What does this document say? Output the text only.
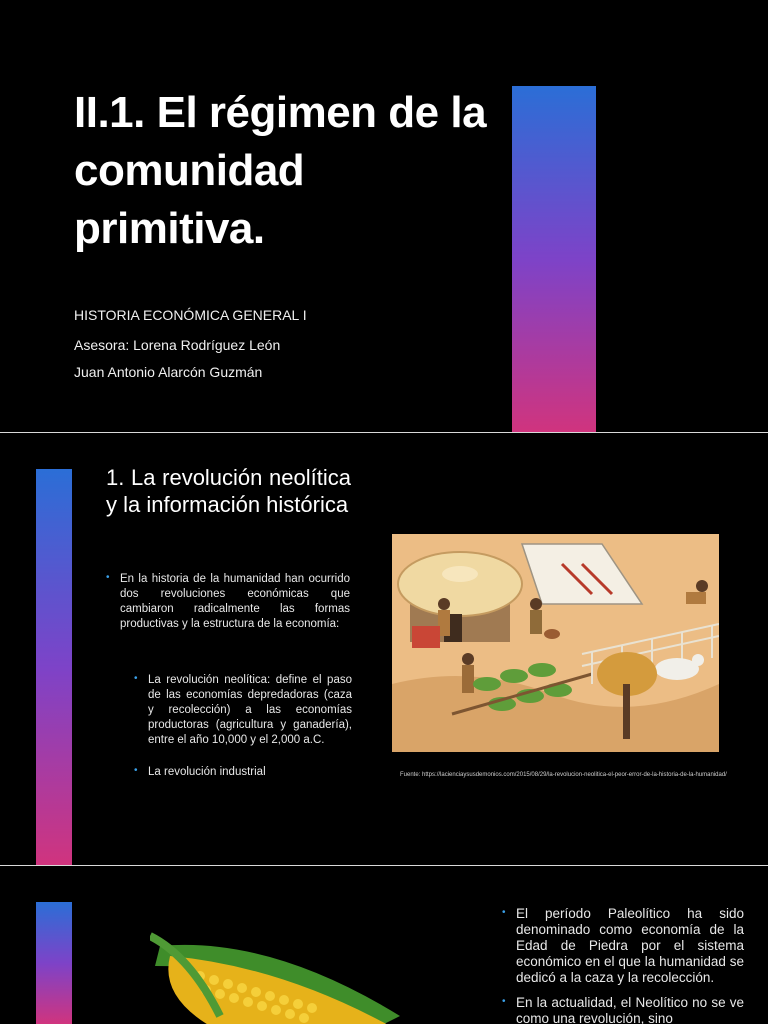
II.1. El régimen de la comunidad primitiva.
HISTORIA ECONÓMICA GENERAL I
Asesora: Lorena Rodríguez León
Juan Antonio Alarcón Guzmán
1. La revolución neolítica y la información histórica
• En la historia de la humanidad han ocurrido dos revoluciones económicas que cambiaron radicalmente las formas productivas y la estructura de la economía:
• La revolución neolítica: define el paso de las economías depredadoras (caza y recolección) a las economías productoras (agricultura y ganadería), entre el año 10,000 y el 2,000 a.C.
• La revolución industrial	Fuente: https://lacienciaysusdemonios.com/2015/08/29/la-revolucion-neolitica-el-peor-error-de-la-historia-de-la-humanidad/
• El período Paleolítico ha sido denominado como economía de la Edad de Piedra por el sistema económico en el que la humanidad se dedicó a la caza y la recolección.
• En la actualidad, el Neolítico no se ve como una revolución, sino
